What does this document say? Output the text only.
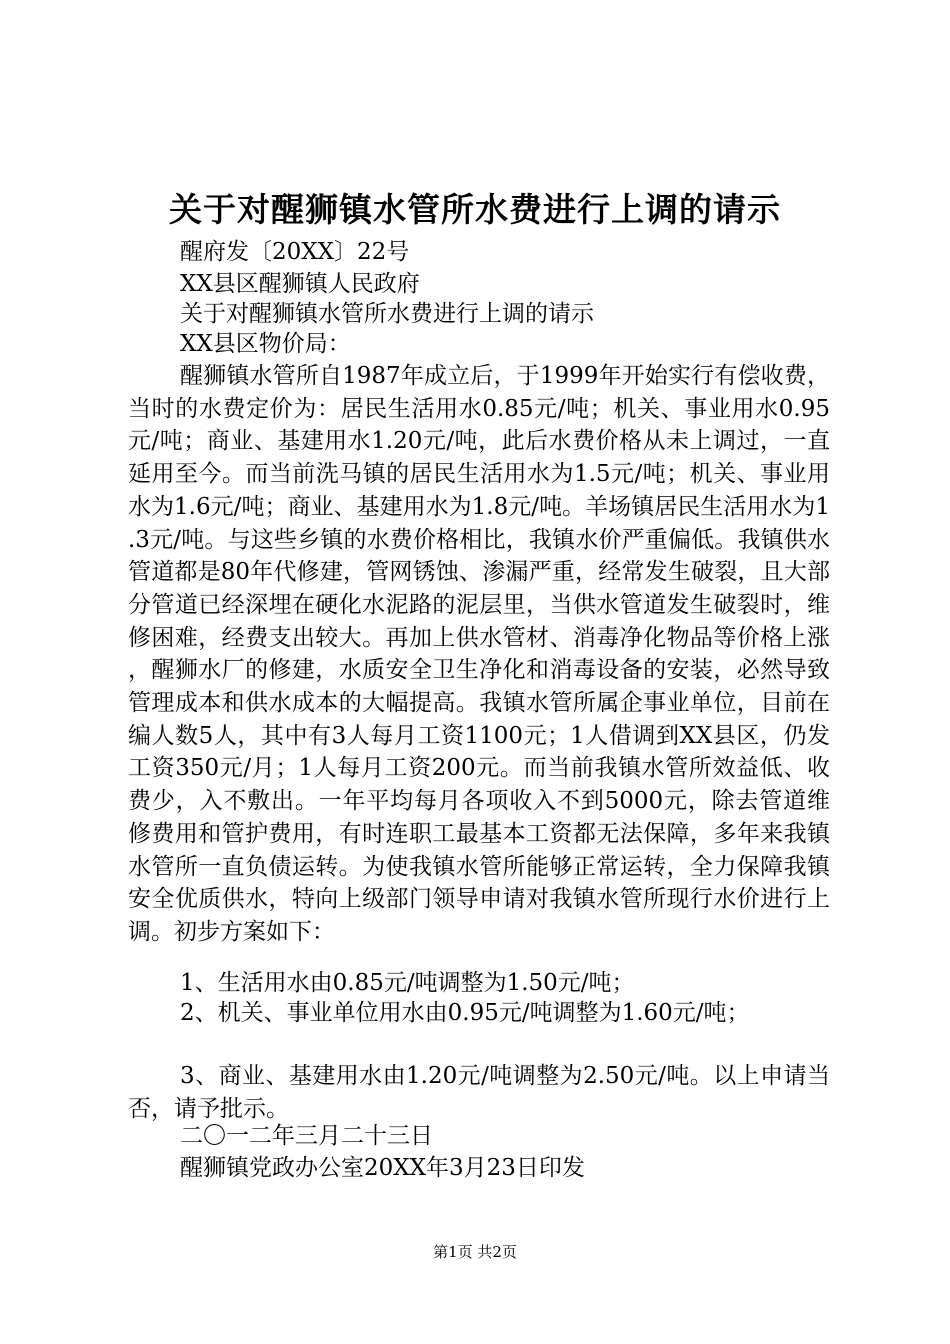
关于对醒狮镇水管所水费进行上调的请示

醒府发〔20XX〕22号

XX县区醒狮镇人民政府

关于对醒狮镇水管所水费进行上调的请示

XX县区物价局：

醒狮镇水管所自1987年成立后，于1999年开始实行有偿收费，当时的水费定价为：居民生活用水0.85元/吨；机关、事业用水0.95元/吨；商业、基建用水1.20元/吨，此后水费价格从未上调过，一直延用至今。而当前洗马镇的居民生活用水为1.5元/吨；机关、事业用水为1.6元/吨；商业、基建用水为1.8元/吨。羊场镇居民生活用水为1.3元/吨。与这些乡镇的水费价格相比，我镇水价严重偏低。我镇供水管道都是80年代修建，管网锈蚀、渗漏严重，经常发生破裂，且大部分管道已经深埋在硬化水泥路的泥层里，当供水管道发生破裂时，维修困难，经费支出较大。再加上供水管材、消毒净化物品等价格上涨，醒狮水厂的修建，水质安全卫生净化和消毒设备的安装，必然导致管理成本和供水成本的大幅提高。我镇水管所属企事业单位，目前在编人数5人，其中有3人每月工资1100元；1人借调到XX县区，仍发工资350元/月；1人每月工资200元。而当前我镇水管所效益低、收费少，入不敷出。一年平均每月各项收入不到5000元，除去管道维修费用和管护费用，有时连职工最基本工资都无法保障，多年来我镇水管所一直负债运转。为使我镇水管所能够正常运转，全力保障我镇安全优质供水，特向上级部门领导申请对我镇水管所现行水价进行上调。初步方案如下：

1、生活用水由0.85元/吨调整为1.50元/吨；

2、机关、事业单位用水由0.95元/吨调整为1.60元/吨；

3、商业、基建用水由1.20元/吨调整为2.50元/吨。以上申请当否，请予批示。

二〇一二年三月二十三日

醒狮镇党政办公室20XX年3月23日印发

第1页 共2页
